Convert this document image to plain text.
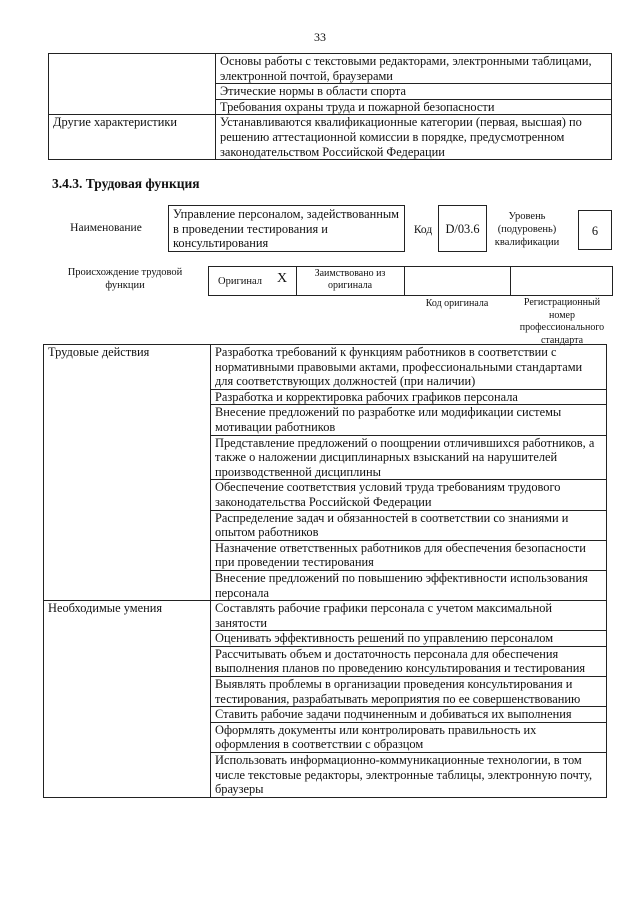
33
	Основы работы с текстовыми редакторами, электронными таблицами, электронной почтой, браузерами
	Этические нормы в области спорта
	Требования охраны труда и пожарной безопасности
Другие характеристики	Устанавливаются квалификационные категории (первая, высшая) по решению аттестационной комиссии в порядке, предусмотренном законодательством Российской Федерации
3.4.3. Трудовая функция
Наименование
Управление персоналом, задействованным в проведении тестирования и консультирования
Код	D/03.6
Уровень (подуровень) квалификации
6
Происхождение трудовой функции	Оригинал	X	Заимствовано из оригинала
Код оригинала	Регистрационный номер профессионального стандарта
Трудовые действия	Разработка требований к функциям работников в соответствии с нормативными правовыми актами, профессиональными стандартами для соответствующих должностей (при наличии)
	Разработка и корректировка рабочих графиков персонала
	Внесение предложений по разработке или модификации системы мотивации работников
	Представление предложений о поощрении отличившихся работников, а также о наложении дисциплинарных взысканий на нарушителей производственной дисциплины
	Обеспечение соответствия условий труда требованиям трудового законодательства Российской Федерации
	Распределение задач и обязанностей в соответствии со знаниями и опытом работников
	Назначение ответственных работников для обеспечения безопасности при проведении тестирования
	Внесение предложений по повышению эффективности использования персонала
Необходимые умения	Составлять рабочие графики персонала с учетом максимальной занятости
	Оценивать эффективность решений по управлению персоналом
	Рассчитывать объем и достаточность персонала для обеспечения выполнения планов по проведению консультирования и тестирования
	Выявлять проблемы в организации проведения консультирования и тестирования, разрабатывать мероприятия по ее совершенствованию
	Ставить рабочие задачи подчиненным и добиваться их выполнения
	Оформлять документы или контролировать правильность их оформления в соответствии с образцом
	Использовать информационно-коммуникационные технологии, в том числе текстовые редакторы, электронные таблицы, электронную почту, браузеры
